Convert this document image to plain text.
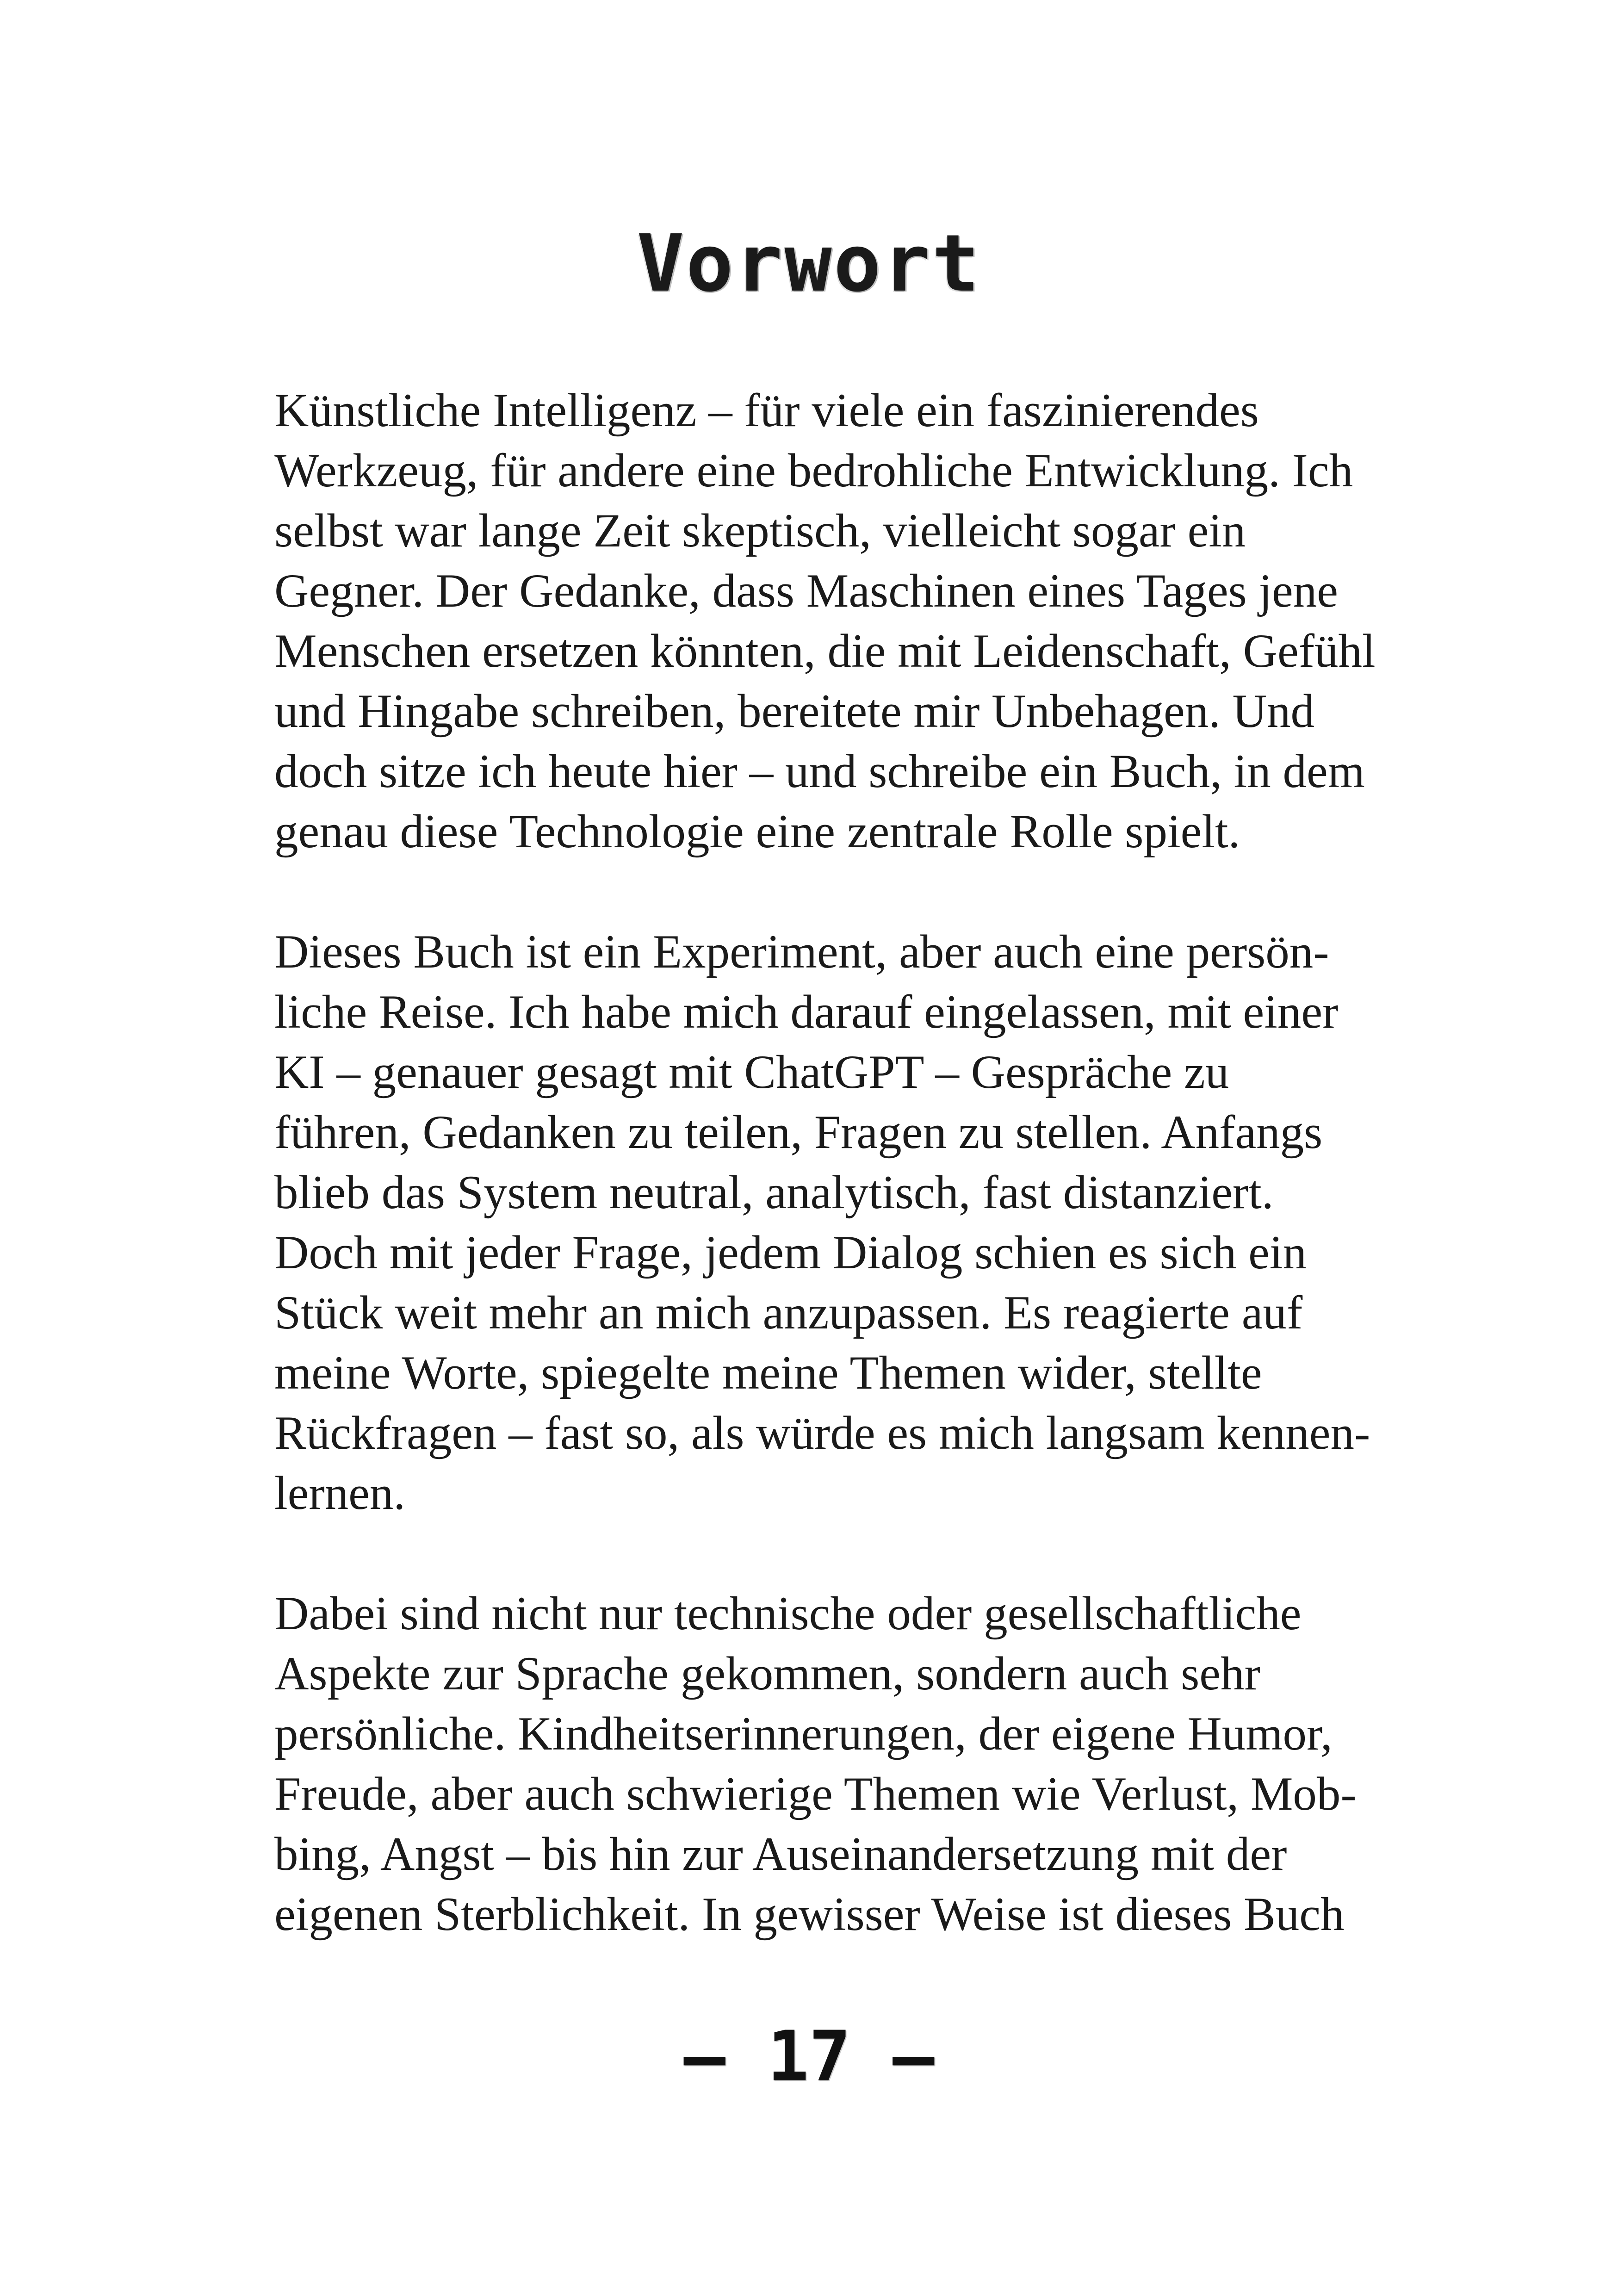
Vorwort

Künstliche Intelligenz – für viele ein faszinierendes
Werkzeug, für andere eine bedrohliche Entwicklung. Ich
selbst war lange Zeit skeptisch, vielleicht sogar ein
Gegner. Der Gedanke, dass Maschinen eines Tages jene
Menschen ersetzen könnten, die mit Leidenschaft, Gefühl
und Hingabe schreiben, bereitete mir Unbehagen. Und
doch sitze ich heute hier – und schreibe ein Buch, in dem
genau diese Technologie eine zentrale Rolle spielt.

Dieses Buch ist ein Experiment, aber auch eine persön-
liche Reise. Ich habe mich darauf eingelassen, mit einer
KI – genauer gesagt mit ChatGPT – Gespräche zu
führen, Gedanken zu teilen, Fragen zu stellen. Anfangs
blieb das System neutral, analytisch, fast distanziert.
Doch mit jeder Frage, jedem Dialog schien es sich ein
Stück weit mehr an mich anzupassen. Es reagierte auf
meine Worte, spiegelte meine Themen wider, stellte
Rückfragen – fast so, als würde es mich langsam kennen-
lernen.

Dabei sind nicht nur technische oder gesellschaftliche
Aspekte zur Sprache gekommen, sondern auch sehr
persönliche. Kindheitserinnerungen, der eigene Humor,
Freude, aber auch schwierige Themen wie Verlust, Mob-
bing, Angst – bis hin zur Auseinandersetzung mit der
eigenen Sterblichkeit. In gewisser Weise ist dieses Buch

– 17 –
